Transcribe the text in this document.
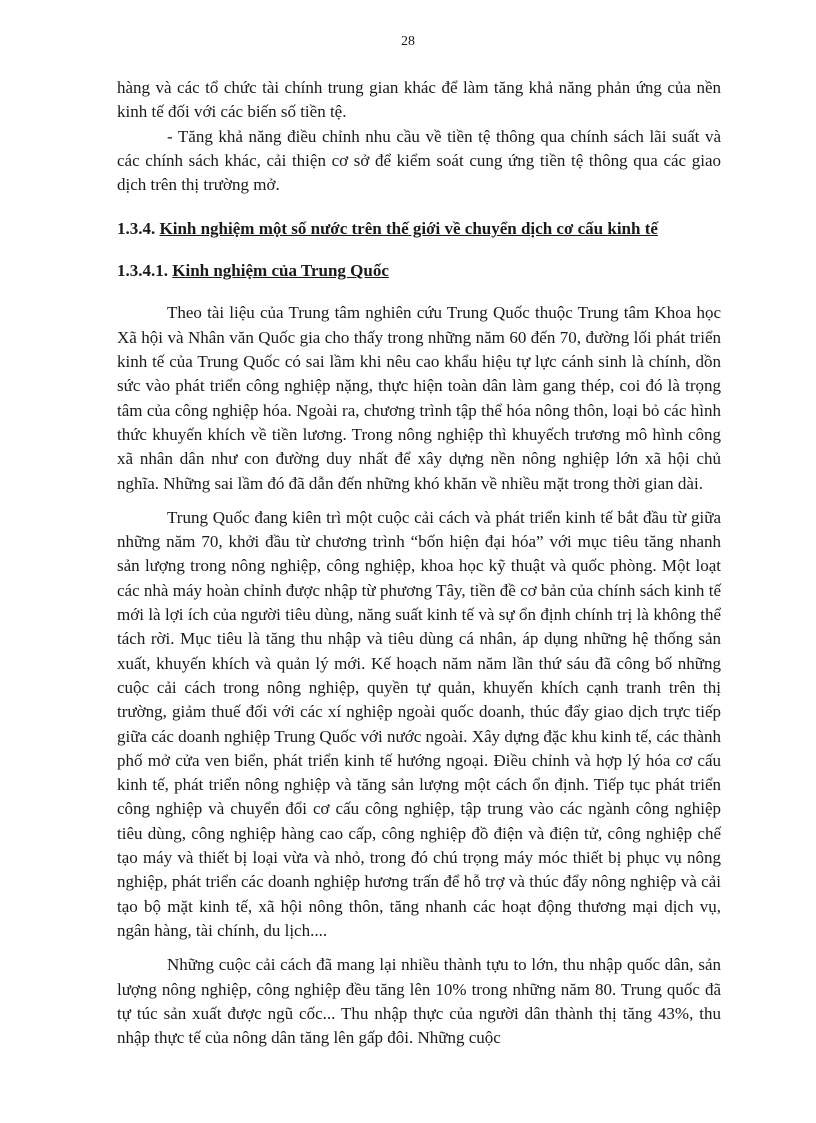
28

hàng và các tổ chức tài chính trung gian khác để làm tăng khả năng phản ứng của nền kinh tế đối với các biến số tiền tệ.

- Tăng khả năng điều chỉnh nhu cầu về tiền tệ thông qua chính sách lãi suất và các chính sách khác, cải thiện cơ sở để kiểm soát cung ứng tiền tệ thông qua các giao dịch trên thị trường mở.

1.3.4. Kinh nghiệm một số nước trên thế giới về chuyển dịch cơ cấu kinh tế
1.3.4.1. Kinh nghiệm của Trung Quốc

Theo tài liệu của Trung tâm nghiên cứu Trung Quốc thuộc Trung tâm Khoa học Xã hội và Nhân văn Quốc gia cho thấy trong những năm 60 đến 70, đường lối phát triển kinh tế của Trung Quốc có sai lầm khi nêu cao khẩu hiệu tự lực cánh sinh là chính, dồn sức vào phát triển công nghiệp nặng, thực hiện toàn dân làm gang thép, coi đó là trọng tâm của công nghiệp hóa. Ngoài ra, chương trình tập thể hóa nông thôn, loại bỏ các hình thức khuyến khích về tiền lương. Trong nông nghiệp thì khuyếch trương mô hình công xã nhân dân như con đường duy nhất để xây dựng nền nông nghiệp lớn xã hội chủ nghĩa. Những sai lầm đó đã dẫn đến những khó khăn về nhiều mặt trong thời gian dài.

Trung Quốc đang kiên trì một cuộc cải cách và phát triển kinh tế bắt đầu từ giữa những năm 70, khởi đầu từ chương trình “bốn hiện đại hóa” với mục tiêu tăng nhanh sản lượng trong nông nghiệp, công nghiệp, khoa học kỹ thuật và quốc phòng. Một loạt các nhà máy hoàn chỉnh được nhập từ phương Tây, tiền đề cơ bản của chính sách kinh tế mới là lợi ích của người tiêu dùng, năng suất kinh tế và sự ổn định chính trị là không thể tách rời. Mục tiêu là tăng thu nhập và tiêu dùng cá nhân, áp dụng những hệ thống sản xuất, khuyến khích và quản lý mới. Kế hoạch năm năm lần thứ sáu đã công bố những cuộc cải cách trong nông nghiệp, quyền tự quản, khuyến khích cạnh tranh trên thị trường, giảm thuế đối với các xí nghiệp ngoài quốc doanh, thúc đẩy giao dịch trực tiếp giữa các doanh nghiệp Trung Quốc với nước ngoài. Xây dựng đặc khu kinh tế, các thành phố mở cửa ven biển, phát triển kinh tế hướng ngoại. Điều chỉnh và hợp lý hóa cơ cấu kinh tế, phát triển nông nghiệp và tăng sản lượng một cách ổn định. Tiếp tục phát triển công nghiệp và chuyển đổi cơ cấu công nghiệp, tập trung vào các ngành công nghiệp tiêu dùng, công nghiệp hàng cao cấp, công nghiệp đồ điện và điện tử, công nghiệp chế tạo máy và thiết bị loại vừa và nhỏ, trong đó chú trọng máy móc thiết bị phục vụ nông nghiệp, phát triển các doanh nghiệp hương trấn để hỗ trợ và thúc đẩy nông nghiệp và cải tạo bộ mặt kinh tế, xã hội nông thôn, tăng nhanh các hoạt động thương mại dịch vụ, ngân hàng, tài chính, du lịch....

Những cuộc cải cách đã mang lại nhiều thành tựu to lớn, thu nhập quốc dân, sản lượng nông nghiệp, công nghiệp đều tăng lên 10% trong những năm 80. Trung quốc đã tự túc sản xuất được ngũ cốc... Thu nhập thực của người dân thành thị tăng 43%, thu nhập thực tế của nông dân tăng lên gấp đôi. Những cuộc
